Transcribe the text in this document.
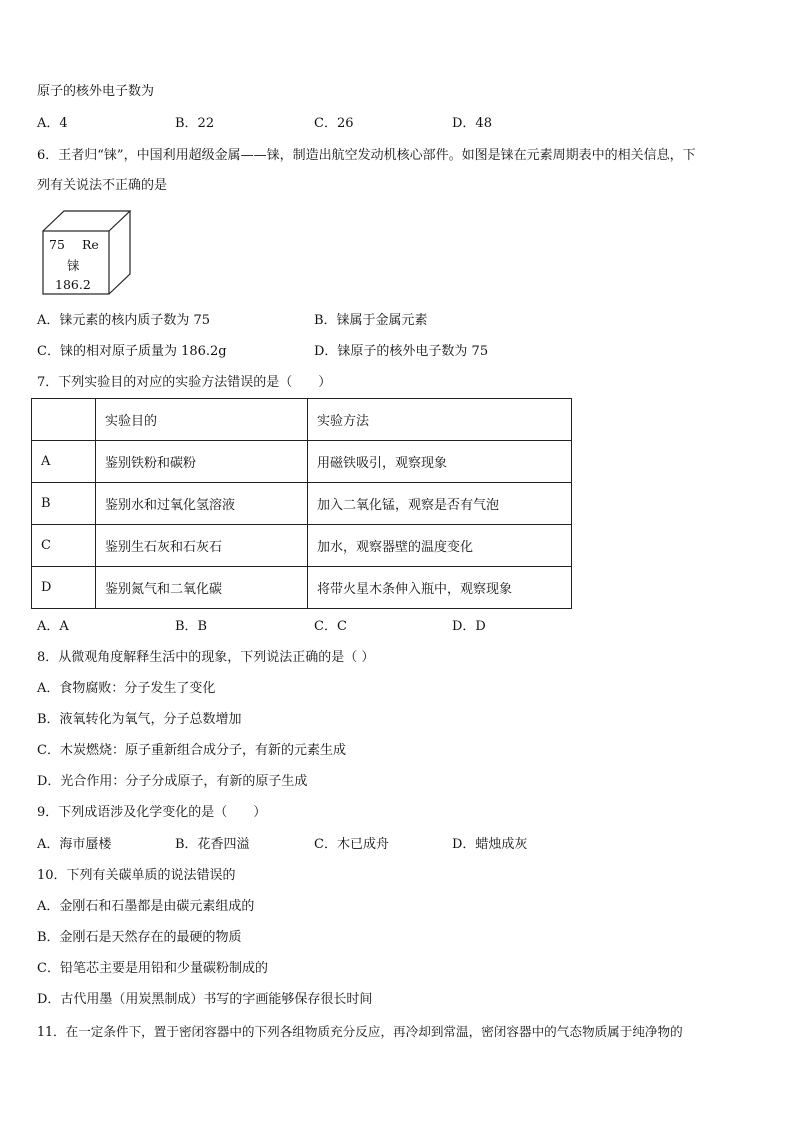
原子的核外电子数为
A．4	B．22	C．26	D．48
6．王者归“铼”，中国利用超级金属——铼，制造出航空发动机核心部件。如图是铼在元素周期表中的相关信息，下
列有关说法不正确的是
75 Re
铼
186.2
A．铼元素的核内质子数为 75	B．铼属于金属元素
C．铼的相对原子质量为 186.2g	D．铼原子的核外电子数为 75
7．下列实验目的对应的实验方法错误的是（　　）
	实验目的	实验方法
A	鉴别铁粉和碳粉	用磁铁吸引，观察现象
B	鉴别水和过氧化氢溶液	加入二氧化锰，观察是否有气泡
C	鉴别生石灰和石灰石	加水，观察器壁的温度变化
D	鉴别氮气和二氧化碳	将带火星木条伸入瓶中，观察现象
A．A	B．B	C．C	D．D
8．从微观角度解释生活中的现象，下列说法正确的是（ ）
A．食物腐败：分子发生了变化
B．液氧转化为氧气，分子总数增加
C．木炭燃烧：原子重新组合成分子，有新的元素生成
D．光合作用：分子分成原子，有新的原子生成
9．下列成语涉及化学变化的是（　　）
A．海市蜃楼	B．花香四溢	C．木已成舟	D．蜡烛成灰
10．下列有关碳单质的说法错误的
A．金刚石和石墨都是由碳元素组成的
B．金刚石是天然存在的最硬的物质
C．铅笔芯主要是用铅和少量碳粉制成的
D．古代用墨（用炭黑制成）书写的字画能够保存很长时间
11．在一定条件下，置于密闭容器中的下列各组物质充分反应，再冷却到常温，密闭容器中的气态物质属于纯净物的
